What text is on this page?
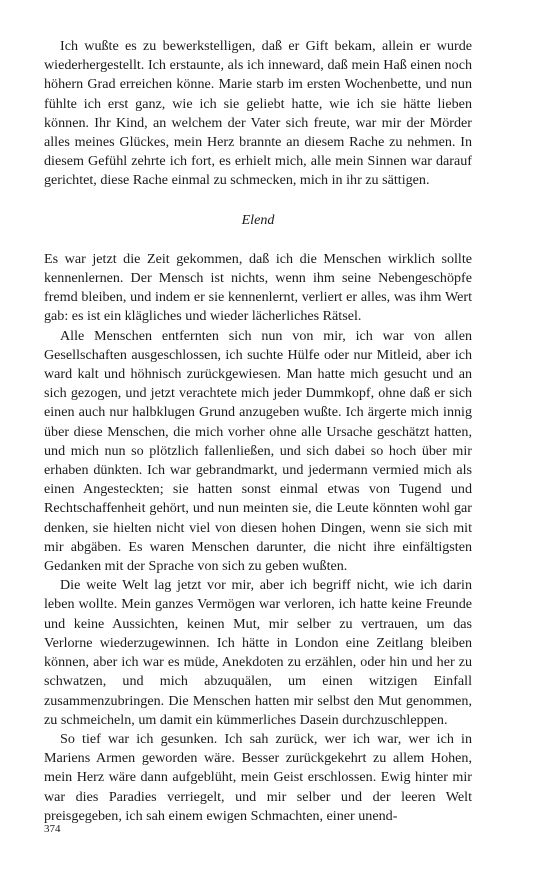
Ich wußte es zu bewerkstelligen, daß er Gift bekam, allein er wurde wiederhergestellt. Ich erstaunte, als ich inneward, daß mein Haß einen noch höhern Grad erreichen könne. Marie starb im ersten Wochenbette, und nun fühlte ich erst ganz, wie ich sie geliebt hatte, wie ich sie hätte lieben können. Ihr Kind, an welchem der Vater sich freute, war mir der Mörder alles meines Glückes, mein Herz brannte an diesem Rache zu nehmen. In diesem Gefühl zehrte ich fort, es erhielt mich, alle mein Sinnen war darauf gerichtet, diese Rache einmal zu schmecken, mich in ihr zu sättigen.

Elend

Es war jetzt die Zeit gekommen, daß ich die Menschen wirklich sollte kennenlernen. Der Mensch ist nichts, wenn ihm seine Nebengeschöpfe fremd bleiben, und indem er sie kennenlernt, verliert er alles, was ihm Wert gab: es ist ein klägliches und wieder lächerliches Rätsel.

Alle Menschen entfernten sich nun von mir, ich war von allen Gesellschaften ausgeschlossen, ich suchte Hülfe oder nur Mitleid, aber ich ward kalt und höhnisch zurückgewiesen. Man hatte mich gesucht und an sich gezogen, und jetzt verachtete mich jeder Dummkopf, ohne daß er sich einen auch nur halbklugen Grund anzugeben wußte. Ich ärgerte mich innig über diese Menschen, die mich vorher ohne alle Ursache geschätzt hatten, und mich nun so plötzlich fallenließen, und sich dabei so hoch über mir erhaben dünkten. Ich war gebrandmarkt, und jedermann vermied mich als einen Angesteckten; sie hatten sonst einmal etwas von Tugend und Rechtschaffenheit gehört, und nun meinten sie, die Leute könnten wohl gar denken, sie hielten nicht viel von diesen hohen Dingen, wenn sie sich mit mir abgäben. Es waren Menschen darunter, die nicht ihre einfältigsten Gedanken mit der Sprache von sich zu geben wußten.

Die weite Welt lag jetzt vor mir, aber ich begriff nicht, wie ich darin leben wollte. Mein ganzes Vermögen war verloren, ich hatte keine Freunde und keine Aussichten, keinen Mut, mir selber zu vertrauen, um das Verlorne wiederzugewinnen. Ich hätte in London eine Zeitlang bleiben können, aber ich war es müde, Anekdoten zu erzählen, oder hin und her zu schwatzen, und mich abzuquälen, um einen witzigen Einfall zusammenzubringen. Die Menschen hatten mir selbst den Mut genommen, zu schmeicheln, um damit ein kümmerliches Dasein durchzuschleppen.

So tief war ich gesunken. Ich sah zurück, wer ich war, wer ich in Mariens Armen geworden wäre. Besser zurückgekehrt zu allem Hohen, mein Herz wäre dann aufgeblüht, mein Geist erschlossen. Ewig hinter mir war dies Paradies verriegelt, und mir selber und der leeren Welt preisgegeben, ich sah einem ewigen Schmachten, einer unend-

374
